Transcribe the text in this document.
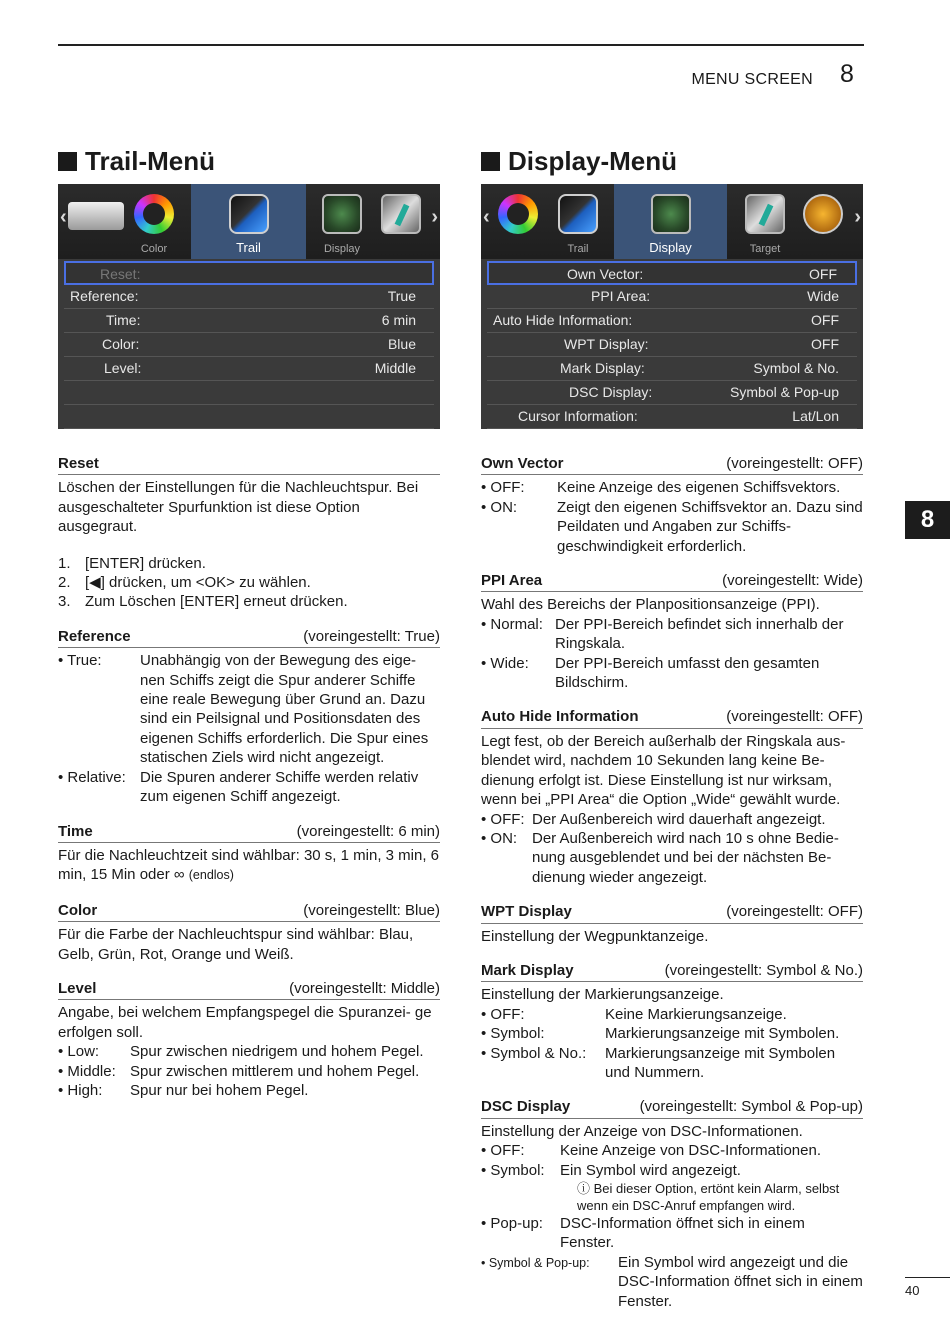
MENU SCREEN 8
8
40
Trail-Menü	Display-Menü
‹
Color	Trail	Display
›
Reset:
Reference:	True
Time:	6 min
Color:	Blue
Level:	Middle
‹
Trail	Display	Target
›
Own Vector:	OFF
PPI Area:	Wide
Auto Hide Information:	OFF
WPT Display:	OFF
Mark Display:	Symbol & No.
DSC Display:	Symbol & Pop-up
Cursor Information:	Lat/Lon
Reset

Löschen der Einstellungen für die Nachleuchtspur. Bei ausgeschalteter Spurfunktion ist diese Option ausgegraut.

1. [ENTER] drücken.
2. [◀] drücken, um <OK> zu wählen.
3. Zum Löschen [ENTER] erneut drücken.
Reference	(voreingestellt: True)
• True:	Unabhängig von der Bewegung des eige- nen Schiffs zeigt die Spur anderer Schiffe eine reale Bewegung über Grund an. Dazu sind ein Peilsignal und Positionsdaten des eigenen Schiffs erforderlich. Die Spur eines statischen Ziels wird nicht angezeigt.
• Relative: Die Spuren anderer Schiffe werden relativ zum eigenen Schiff angezeigt.
Time	(voreingestellt: 6 min)

Für die Nachleuchtzeit sind wählbar: 30 s, 1 min, 3 min, 6 min, 15 Min oder ∞ (endlos)

Color	(voreingestellt: Blue)

Für die Farbe der Nachleuchtspur sind wählbar: Blau, Gelb, Grün, Rot, Orange und Weiß.

Level	(voreingestellt: Middle)

Angabe, bei welchem Empfangspegel die Spuranzei- ge erfolgen soll.

• Low:	Spur zwischen niedrigem und hohem Pegel.
• Middle: Spur zwischen mittlerem und hohem Pegel.
• High:	Spur nur bei hohem Pegel.
Own Vector	(voreingestellt: OFF)
• OFF:	Keine Anzeige des eigenen Schiffsvektors.
• ON:	Zeigt den eigenen Schiffsvektor an. Dazu sind Peildaten und Angaben zur Schiffs- geschwindigkeit erforderlich.
PPI Area	(voreingestellt: Wide)

Wahl des Bereichs der Planpositionsanzeige (PPI).

• Normal: Der PPI-Bereich befindet sich innerhalb der Ringskala.
• Wide:	Der PPI-Bereich umfasst den gesamten Bildschirm.
Auto Hide Information	(voreingestellt: OFF)

Legt fest, ob der Bereich außerhalb der Ringskala aus- blendet wird, nachdem 10 Sekunden lang keine Be- dienung erfolgt ist. Diese Einstellung ist nur wirksam, wenn bei „PPI Area“ die Option „Wide“ gewählt wurde.

• OFF: Der Außenbereich wird dauerhaft angezeigt.
• ON: Der Außenbereich wird nach 10 s ohne Bedie- nung ausgeblendet und bei der nächsten Be- dienung wieder angezeigt.
WPT Display	(voreingestellt: OFF)

Einstellung der Wegpunktanzeige.

Mark Display	(voreingestellt: Symbol & No.)

Einstellung der Markierungsanzeige.

• OFF:	Keine Markierungsanzeige.
• Symbol:	Markierungsanzeige mit Symbolen.
• Symbol & No.:	Markierungsanzeige mit Symbolen und Nummern.
DSC Display	(voreingestellt: Symbol & Pop-up)

Einstellung der Anzeige von DSC-Informationen.

• OFF:	Keine Anzeige von DSC-Informationen.
• Symbol:	Ein Symbol wird angezeigt.
ⓘ Bei dieser Option, ertönt kein Alarm, selbst wenn ein DSC-Anruf empfangen wird.
• Pop-up:	DSC-Information öffnet sich in einem Fenster.
• Symbol & Pop-up:	Ein Symbol wird angezeigt und die DSC-Information öffnet sich in einem Fenster.
